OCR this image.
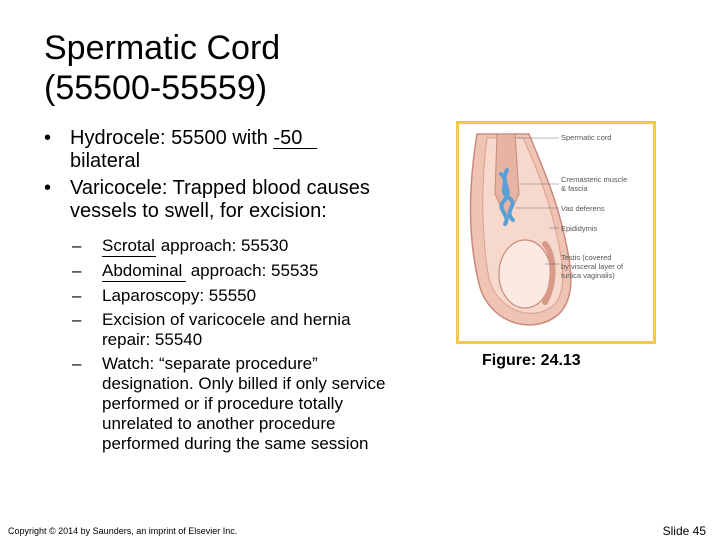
Spermatic Cord
(55500-55559)
• Hydrocele: 55500 with -50
bilateral
• Varicocele: Trapped blood causes
vessels to swell, for excision:
– Scrotal approach: 55530
– Abdominal approach: 55535
– Laparoscopy: 55550
– Excision of varicocele and hernia
repair: 55540
– Watch: “separate procedure”
designation. Only billed if only service
performed or if procedure totally
unrelated to another procedure
performed during the same session
Spermatic cord
Cremasteric muscle
& fascia
Vas deferens
Epididymis
Testis (covered
by visceral layer of
tunica vaginalis)
Figure: 24.13
Copyright © 2014 by Saunders, an imprint of Elsevier Inc.	Slide 45
